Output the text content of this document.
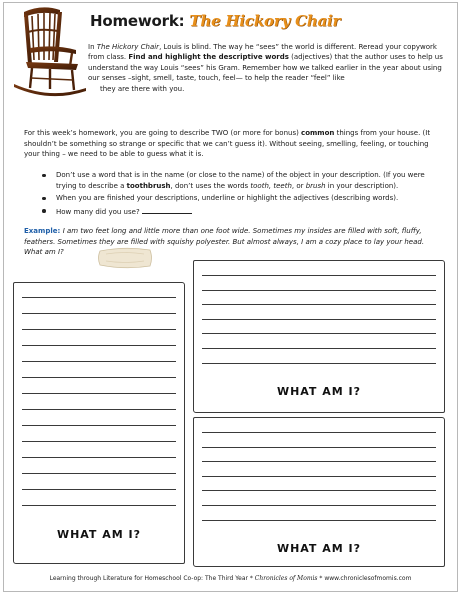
Homework: The Hickory Chair

In The Hickory Chair, Louis is blind. The way he “sees” the world is different. Reread your copywork from class. Find and highlight the descriptive words (adjectives) that the author uses to help us understand the way Louis “sees” his Gram. Remember how we talked earlier in the year about using our senses –sight, smell, taste, touch, feel— to help the reader “feel” like

they are there with you.

For this week’s homework, you are going to describe TWO (or more for bonus) common things from your house. (It shouldn’t be something so strange or specific that we can’t guess it). Without seeing, smelling, feeling, or touching your thing – we need to be able to guess what it is.

Don’t use a word that is in the name (or close to the name) of the object in your description. (If you were trying to describe a toothbrush, don’t uses the words tooth, teeth, or brush in your description).
When you are finished your descriptions, underline or highlight the adjectives (describing words).
How many did you use?

Example: I am two feet long and little more than one foot wide. Sometimes my insides are filled with soft, fluffy, feathers. Sometimes they are filled with squishy polyester. But almost always, I am a cozy place to lay your head. What am I?

WHAT AM I?
WHAT AM I?
WHAT AM I?
Learning through Literature for Homeschool Co-op: The Third Year * Chronicles of Momis * www.chroniclesofmomis.com
